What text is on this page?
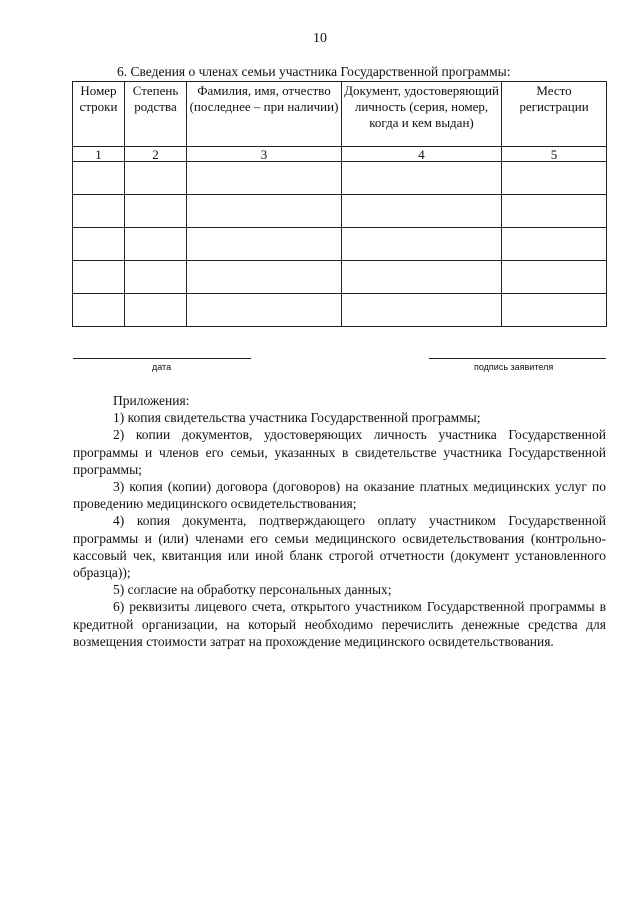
10
6. Сведения о членах семьи участника Государственной программы:
Номер строки	Степень родства	Фамилия, имя, отчество (последнее – при наличии)	Документ, удостоверяющий личность (серия, номер, когда и кем выдан)	Место регистрации
1	2	3	4	5

дата	подпись заявителя

Приложения:

1) копия свидетельства участника Государственной программы;

2) копии документов, удостоверяющих личность участника Государственной программы и членов его семьи, указанных в свидетельстве участника Государственной программы;

3) копия (копии) договора (договоров) на оказание платных медицинских услуг по проведению медицинского освидетельствования;

4) копия документа, подтверждающего оплату участником Государственной программы и (или) членами его семьи медицинского освидетельствования (контрольно-кассовый чек, квитанция или иной бланк строгой отчетности (документ установленного образца));

5) согласие на обработку персональных данных;

6) реквизиты лицевого счета, открытого участником Государственной программы в кредитной организации, на который необходимо перечислить денежные средства для возмещения стоимости затрат на прохождение медицинского освидетельствования.
